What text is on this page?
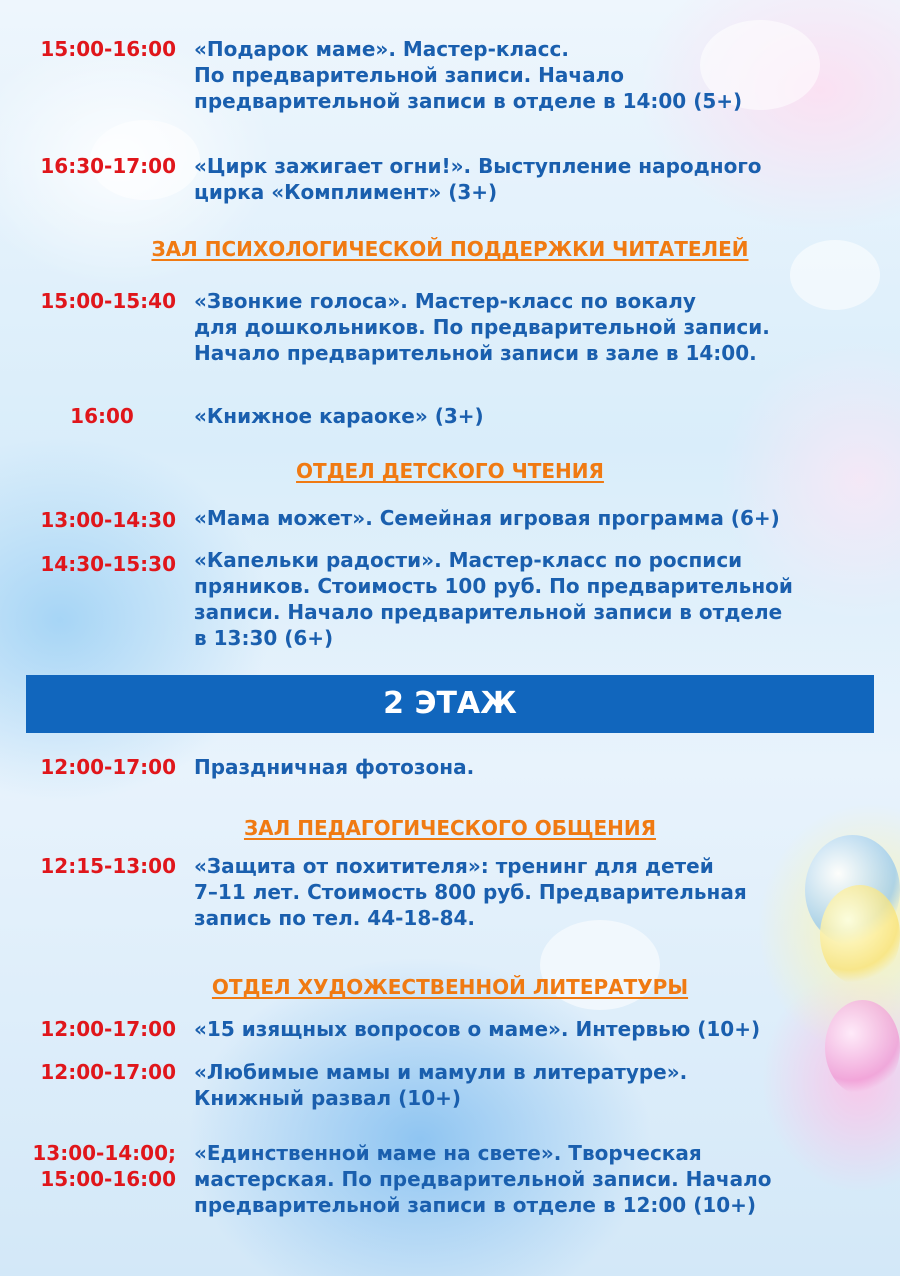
15:00-16:00 «Подарок маме». Мастер-класс.
По предварительной записи. Начало
предварительной записи в отделе в 14:00 (5+)
16:30-17:00 «Цирк зажигает огни!». Выступление народного
цирка «Комплимент» (3+)
ЗАЛ ПСИХОЛОГИЧЕСКОЙ ПОДДЕРЖКИ ЧИТАТЕЛЕЙ
15:00-15:40 «Звонкие голоса». Мастер-класс по вокалу
для дошкольников. По предварительной записи.
Начало предварительной записи в зале в 14:00.
16:00	«Книжное караоке» (3+)
ОТДЕЛ ДЕТСКОГО ЧТЕНИЯ
13:00-14:30 «Мама может». Семейная игровая программа (6+)
14:30-15:30 «Капельки радости». Мастер-класс по росписи
пряников. Стоимость 100 руб. По предварительной
записи. Начало предварительной записи в отделе
в 13:30 (6+)
2 ЭТАЖ
12:00-17:00 Праздничная фотозона.
ЗАЛ ПЕДАГОГИЧЕСКОГО ОБЩЕНИЯ
12:15-13:00 «Защита от похитителя»: тренинг для детей
7–11 лет. Стоимость 800 руб. Предварительная
запись по тел. 44-18-84.
ОТДЕЛ ХУДОЖЕСТВЕННОЙ ЛИТЕРАТУРЫ
12:00-17:00 «15 изящных вопросов о маме». Интервью (10+)
12:00-17:00 «Любимые мамы и мамули в литературе».
Книжный развал (10+)
13:00-14:00;
15:00-16:00
«Единственной маме на свете». Творческая
мастерская. По предварительной записи. Начало
предварительной записи в отделе в 12:00 (10+)
